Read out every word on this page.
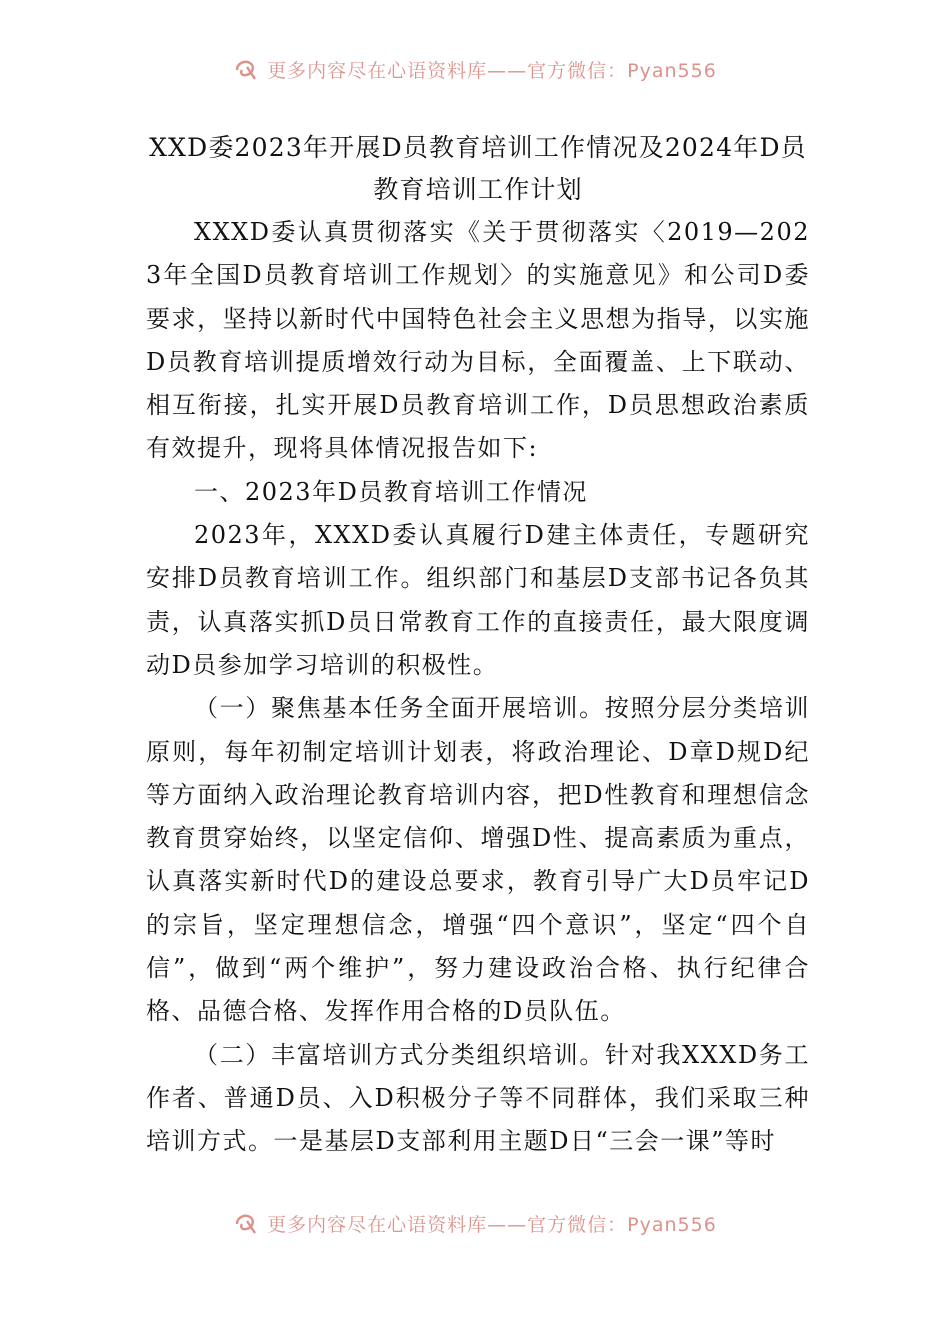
更多内容尽在心语资料库——官方微信：Pyan556
XXD委2023年开展D员教育培训工作情况及2024年D员教育培训工作计划

XXXD委认真贯彻落实《关于贯彻落实〈2019—2023年全国D员教育培训工作规划〉的实施意见》和公司D委要求，坚持以新时代中国特色社会主义思想为指导，以实施D员教育培训提质增效行动为目标，全面覆盖、上下联动、相互衔接，扎实开展D员教育培训工作，D员思想政治素质有效提升，现将具体情况报告如下:

一、2023年D员教育培训工作情况

2023年，XXXD委认真履行D建主体责任，专题研究安排D员教育培训工作。组织部门和基层D支部书记各负其责，认真落实抓D员日常教育工作的直接责任，最大限度调动D员参加学习培训的积极性。

（一）聚焦基本任务全面开展培训。按照分层分类培训原则，每年初制定培训计划表，将政治理论、D章D规D纪等方面纳入政治理论教育培训内容，把D性教育和理想信念教育贯穿始终，以坚定信仰、增强D性、提高素质为重点，认真落实新时代D的建设总要求，教育引导广大D员牢记D的宗旨，坚定理想信念，增强“四个意识”，坚定“四个自信”，做到“两个维护”，努力建设政治合格、执行纪律合格、品德合格、发挥作用合格的D员队伍。

（二）丰富培训方式分类组织培训。针对我XXXD务工作者、普通D员、入D积极分子等不同群体，我们采取三种培训方式。一是基层D支部利用主题D日“三会一课”等时

更多内容尽在心语资料库——官方微信：Pyan556
